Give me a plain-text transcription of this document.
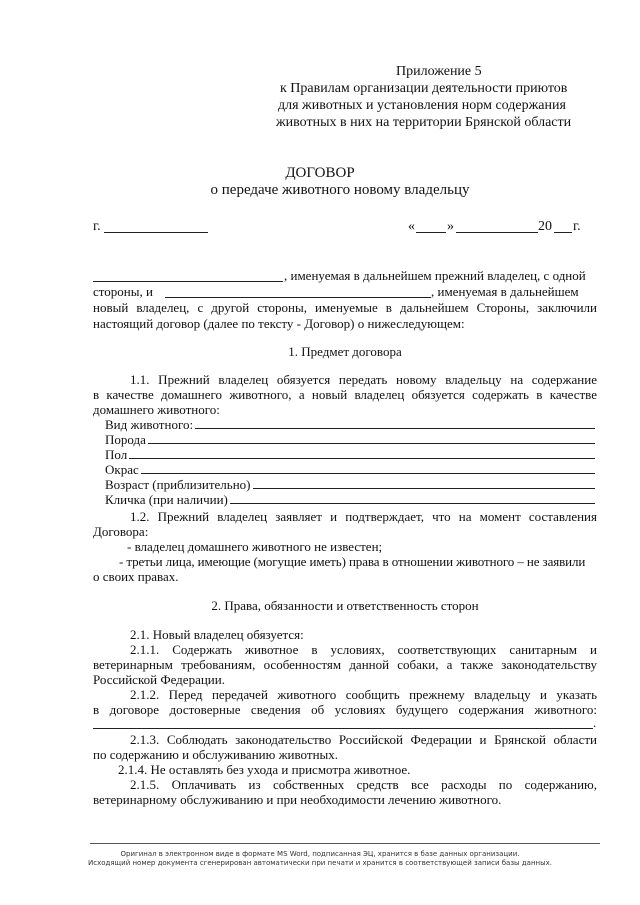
Приложение 5
к Правилам организации деятельности приютов
для животных и установления норм содержания
животных в них на территории Брянской области
ДОГОВОР
о передаче животного новому владельцу
г.	« »	20 г.
, именуемая в дальнейшем прежний владелец, с одной
стороны, и	, именуемая в дальнейшем
новый владелец, с другой стороны, именуемые в дальнейшем Стороны, заключили
настоящий договор (далее по тексту - Договор) о нижеследующем:
1. Предмет договора
1.1. Прежний владелец обязуется передать новому владельцу на содержание
в качестве домашнего животного, а новый владелец обязуется содержать в качестве
домашнего животного:
Вид животного:
Порода
Пол
Окрас
Возраст (приблизительно)
Кличка (при наличии)
1.2. Прежний владелец заявляет и подтверждает, что на момент составления
Договора:
- владелец домашнего животного не известен;
- третьи лица, имеющие (могущие иметь) права в отношении животного – не заявили
о своих правах.
2. Права, обязанности и ответственность сторон
2.1. Новый владелец обязуется:
2.1.1. Содержать животное в условиях, соответствующих санитарным и
ветеринарным требованиям, особенностям данной собаки, а также законодательству
Российской Федерации.
2.1.2. Перед передачей животного сообщить прежнему владельцу и указать
в договоре достоверные сведения об условиях будущего содержания животного:
.
2.1.3. Соблюдать законодательство Российской Федерации и Брянской области
по содержанию и обслуживанию животных.
2.1.4. Не оставлять без ухода и присмотра животное.
2.1.5. Оплачивать из собственных средств все расходы по содержанию,
ветеринарному обслуживанию и при необходимости лечению животного.
Оригинал в электронном виде в формате MS Word, подписанная ЭЦ, хранится в базе данных организации.
Исходящий номер документа сгенерирован автоматически при печати и хранится в соответствующей записи базы данных.
